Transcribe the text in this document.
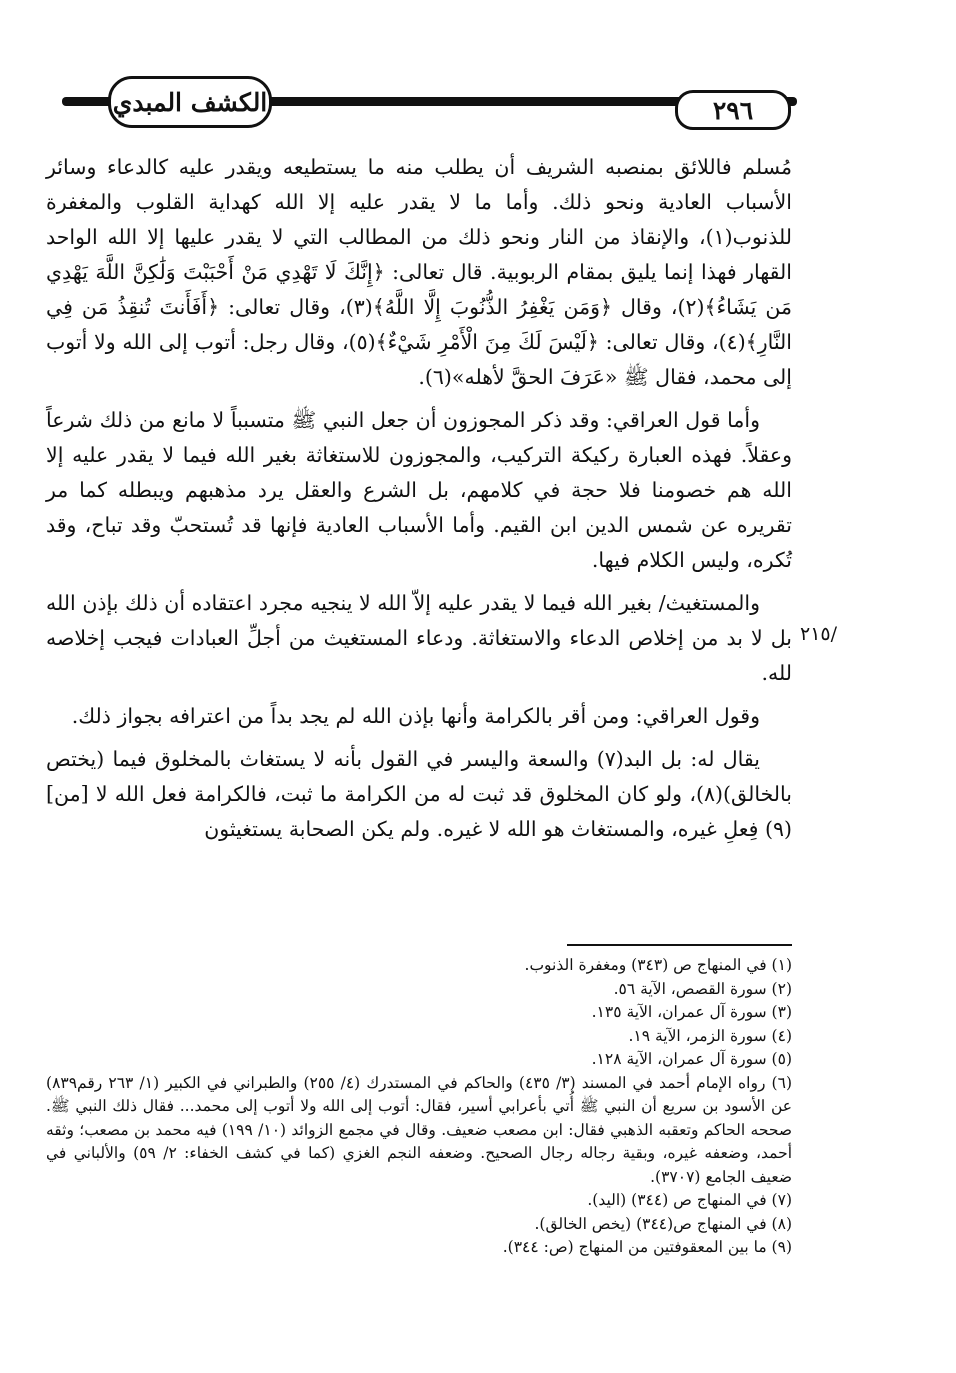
الكشف المبدي	٢٩٦

مُسلم فاللائق بمنصبه الشريف أن يطلب منه ما يستطيعه ويقدر عليه كالدعاء وسائر الأسباب العادية ونحو ذلك. وأما ما لا يقدر عليه إلا الله كهداية القلوب والمغفرة للذنوب(١)، والإنقاذ من النار ونحو ذلك من المطالب التي لا يقدر عليها إلا الله الواحد القهار فهذا إنما يليق بمقام الربوبية. قال تعالى: ﴿إِنَّكَ لَا تَهْدِي مَنْ أَحْبَبْتَ وَلَٰكِنَّ اللَّهَ يَهْدِي مَن يَشَاءُ﴾(٢)، وقال ﴿وَمَن يَغْفِرُ الذُّنُوبَ إِلَّا اللَّهُ﴾(٣)، وقال تعالى: ﴿أَفَأَنتَ تُنقِذُ مَن فِي النَّارِ﴾(٤)، وقال تعالى: ﴿لَيْسَ لَكَ مِنَ الْأَمْرِ شَيْءٌ﴾(٥)، وقال رجل: أتوب إلى الله ولا أتوب إلى محمد، فقال ﷺ «عَرَفَ الحقَّ لأهله»(٦).

وأما قول العراقي: وقد ذكر المجوزون أن جعل النبي ﷺ متسبباً لا مانع من ذلك شرعاً وعقلاً. فهذه العبارة ركيكة التركيب، والمجوزون للاستغاثة بغير الله فيما لا يقدر عليه إلا الله هم خصومنا فلا حجة في كلامهم، بل الشرع والعقل يرد مذهبهم ويبطله كما مر تقريره عن شمس الدين ابن القيم. وأما الأسباب العادية فإنها قد تُستحبّ وقد تباح، وقد تُكره، وليس الكلام فيها.

والمستغيث/ بغير الله فيما لا يقدر عليه إلاّ الله لا ينجيه مجرد اعتقاده أن ذلك بإذن الله بل لا بد من إخلاص الدعاء والاستغاثة. ودعاء المستغيث من أجلِّ العبادات فيجب إخلاصه لله.

وقول العراقي: ومن أقر بالكرامة وأنها بإذن الله لم يجد بداً من اعترافه بجواز ذلك.

يقال له: بل البد(٧) والسعة واليسر في القول بأنه لا يستغاث بالمخلوق فيما (يختص بالخالق)(٨)، ولو كان المخلوق قد ثبت له من الكرامة ما ثبت، فالكرامة فعل الله لا [من](٩) فِعلِ غيره، والمستغاث هو الله لا غيره. ولم يكن الصحابة يستغيثون

/٢١٥

(١) في المنهاج ص (٣٤٣) ومغفرة الذنوب.

(٢) سورة القصص، الآية ٥٦.

(٣) سورة آل عمران، الآية ١٣٥.

(٤) سورة الزمر، الآية ١٩.

(٥) سورة آل عمران، الآية ١٢٨.

(٦) رواه الإمام أحمد في المسند (٣/ ٤٣٥) والحاكم في المستدرك (٤/ ٢٥٥) والطبراني في الكبير (١/ ٢٦٣ رقم٨٣٩) عن الأسود بن سريع أن النبي ﷺ أُتي بأعرابي أسير، فقال: أتوب إلى الله ولا أتوب إلى محمد... فقال ذلك النبي ﷺ. صححه الحاكم وتعقبه الذهبي فقال: ابن مصعب ضعيف. وقال في مجمع الزوائد (١٠/ ١٩٩) فيه محمد بن مصعب؛ وثقه أحمد، وضعفه غيره، وبقية رجاله رجال الصحيح. وضعفه النجم الغزي (كما في كشف الخفاء: ٢/ ٥٩) والألباني في ضعيف الجامع (٣٧٠٧).

(٧) في المنهاج ص (٣٤٤) (اليد).

(٨) في المنهاج ص(٣٤٤) (يخص الخالق).

(٩) ما بين المعقوفتين من المنهاج (ص: ٣٤٤).
